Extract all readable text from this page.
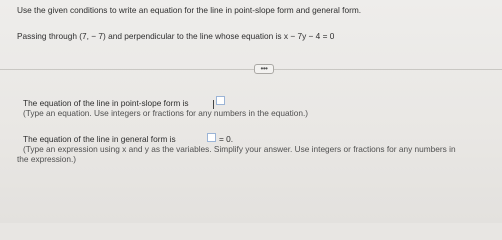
Use the given conditions to write an equation for the line in point-slope form and general form.
Passing through (7, − 7) and perpendicular to the line whose equation is x − 7y − 4 = 0
•••
The equation of the line in point-slope form is
(Type an equation. Use integers or fractions for any numbers in the equation.)
The equation of the line in general form is	= 0.
(Type an expression using x and y as the variables. Simplify your answer. Use integers or fractions for any numbers in
the expression.)
